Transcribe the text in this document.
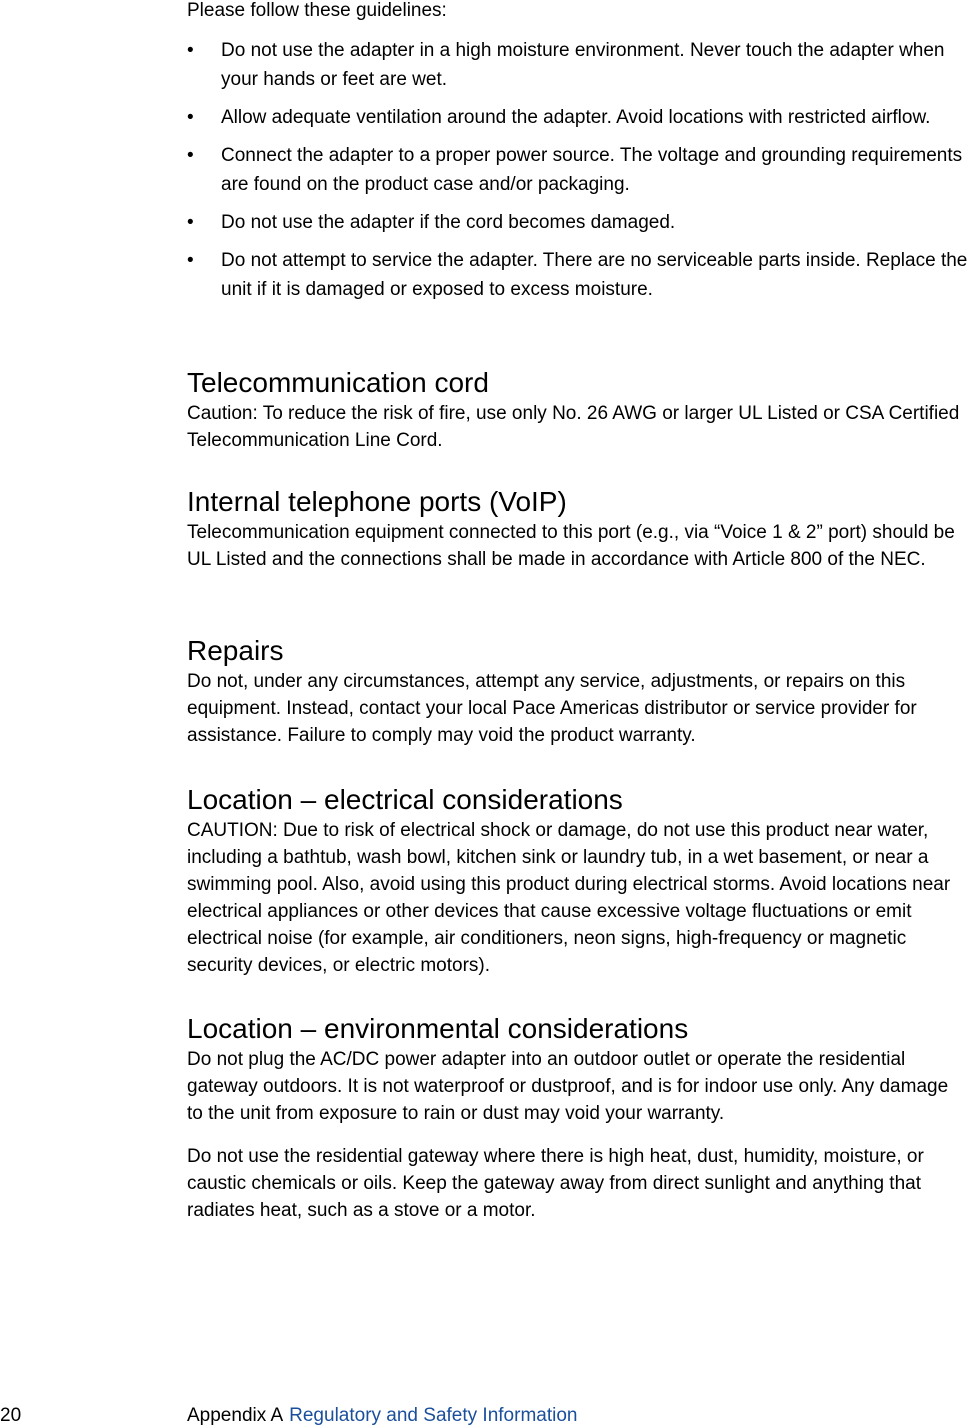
Please follow these guidelines:

• Do not use the adapter in a high moisture environment. Never touch the adapter when your hands or feet are wet.
• Allow adequate ventilation around the adapter. Avoid locations with restricted airflow.
• Connect the adapter to a proper power source. The voltage and grounding requirements are found on the product case and/or packaging.
• Do not use the adapter if the cord becomes damaged.
• Do not attempt to service the adapter. There are no serviceable parts inside. Replace the unit if it is damaged or exposed to excess moisture.
Telecommunication cord

Caution: To reduce the risk of fire, use only No. 26 AWG or larger UL Listed or CSA Certified Telecommunication Line Cord.

Internal telephone ports (VoIP)

Telecommunication equipment connected to this port (e.g., via “Voice 1 & 2” port) should be UL Listed and the connections shall be made in accordance with Article 800 of the NEC.

Repairs

Do not, under any circumstances, attempt any service, adjustments, or repairs on this equipment. Instead, contact your local Pace Americas distributor or service provider for assistance. Failure to comply may void the product warranty.

Location – electrical considerations

CAUTION: Due to risk of electrical shock or damage, do not use this product near water, including a bathtub, wash bowl, kitchen sink or laundry tub, in a wet basement, or near a swimming pool. Also, avoid using this product during electrical storms. Avoid locations near electrical appliances or other devices that cause excessive voltage fluctuations or emit electrical noise (for example, air conditioners, neon signs, high-frequency or magnetic security devices, or electric motors).

Location – environmental considerations

Do not plug the AC/DC power adapter into an outdoor outlet or operate the residential gateway outdoors. It is not waterproof or dustproof, and is for indoor use only. Any damage to the unit from exposure to rain or dust may void your warranty.

Do not use the residential gateway where there is high heat, dust, humidity, moisture, or caustic chemicals or oils. Keep the gateway away from direct sunlight and anything that radiates heat, such as a stove or a motor.

20	Appendix A Regulatory and Safety Information
